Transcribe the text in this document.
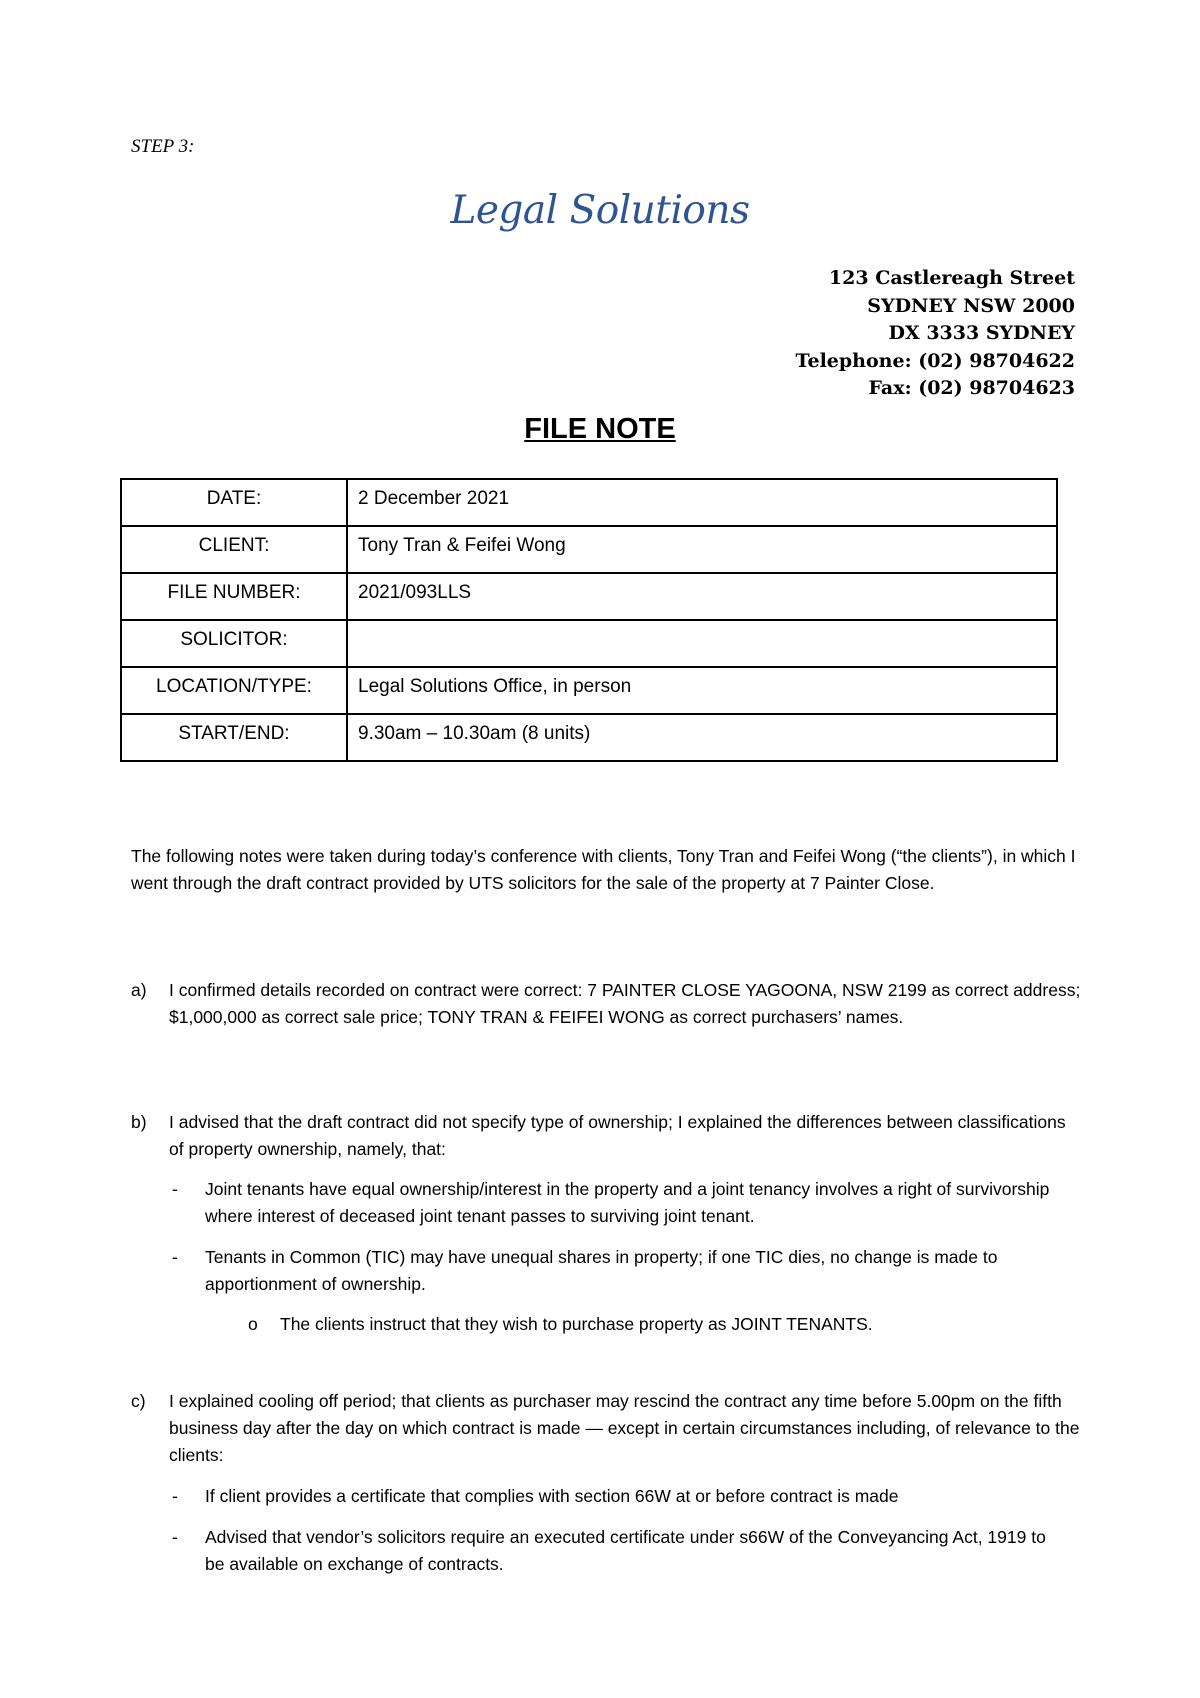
STEP 3:
Legal Solutions
123 Castlereagh Street
SYDNEY NSW 2000
DX 3333 SYDNEY
Telephone: (02) 98704622
Fax: (02) 98704623
FILE NOTE
DATE:	2 December 2021
CLIENT:	Tony Tran & Feifei Wong
FILE NUMBER:	2021/093LLS
SOLICITOR:	
LOCATION/TYPE:	Legal Solutions Office, in person
START/END:	9.30am – 10.30am (8 units)
The following notes were taken during today’s conference with clients, Tony Tran and Feifei Wong (“the clients”), in which I went through the draft contract provided by UTS solicitors for the sale of the property at 7 Painter Close.
a) I confirmed details recorded on contract were correct: 7 PAINTER CLOSE YAGOONA, NSW 2199 as correct address; $1,000,000 as correct sale price; TONY TRAN & FEIFEI WONG as correct purchasers’ names.
b) I advised that the draft contract did not specify type of ownership; I explained the differences between classifications of property ownership, namely, that:
- Joint tenants have equal ownership/interest in the property and a joint tenancy involves a right of survivorship where interest of deceased joint tenant passes to surviving joint tenant.
- Tenants in Common (TIC) may have unequal shares in property; if one TIC dies, no change is made to apportionment of ownership.
o The clients instruct that they wish to purchase property as JOINT TENANTS.
c) I explained cooling off period; that clients as purchaser may rescind the contract any time before 5.00pm on the fifth business day after the day on which contract is made — except in certain circumstances including, of relevance to the clients:
- If client provides a certificate that complies with section 66W at or before contract is made
- Advised that vendor’s solicitors require an executed certificate under s66W of the Conveyancing Act, 1919 to be available on exchange of contracts.
